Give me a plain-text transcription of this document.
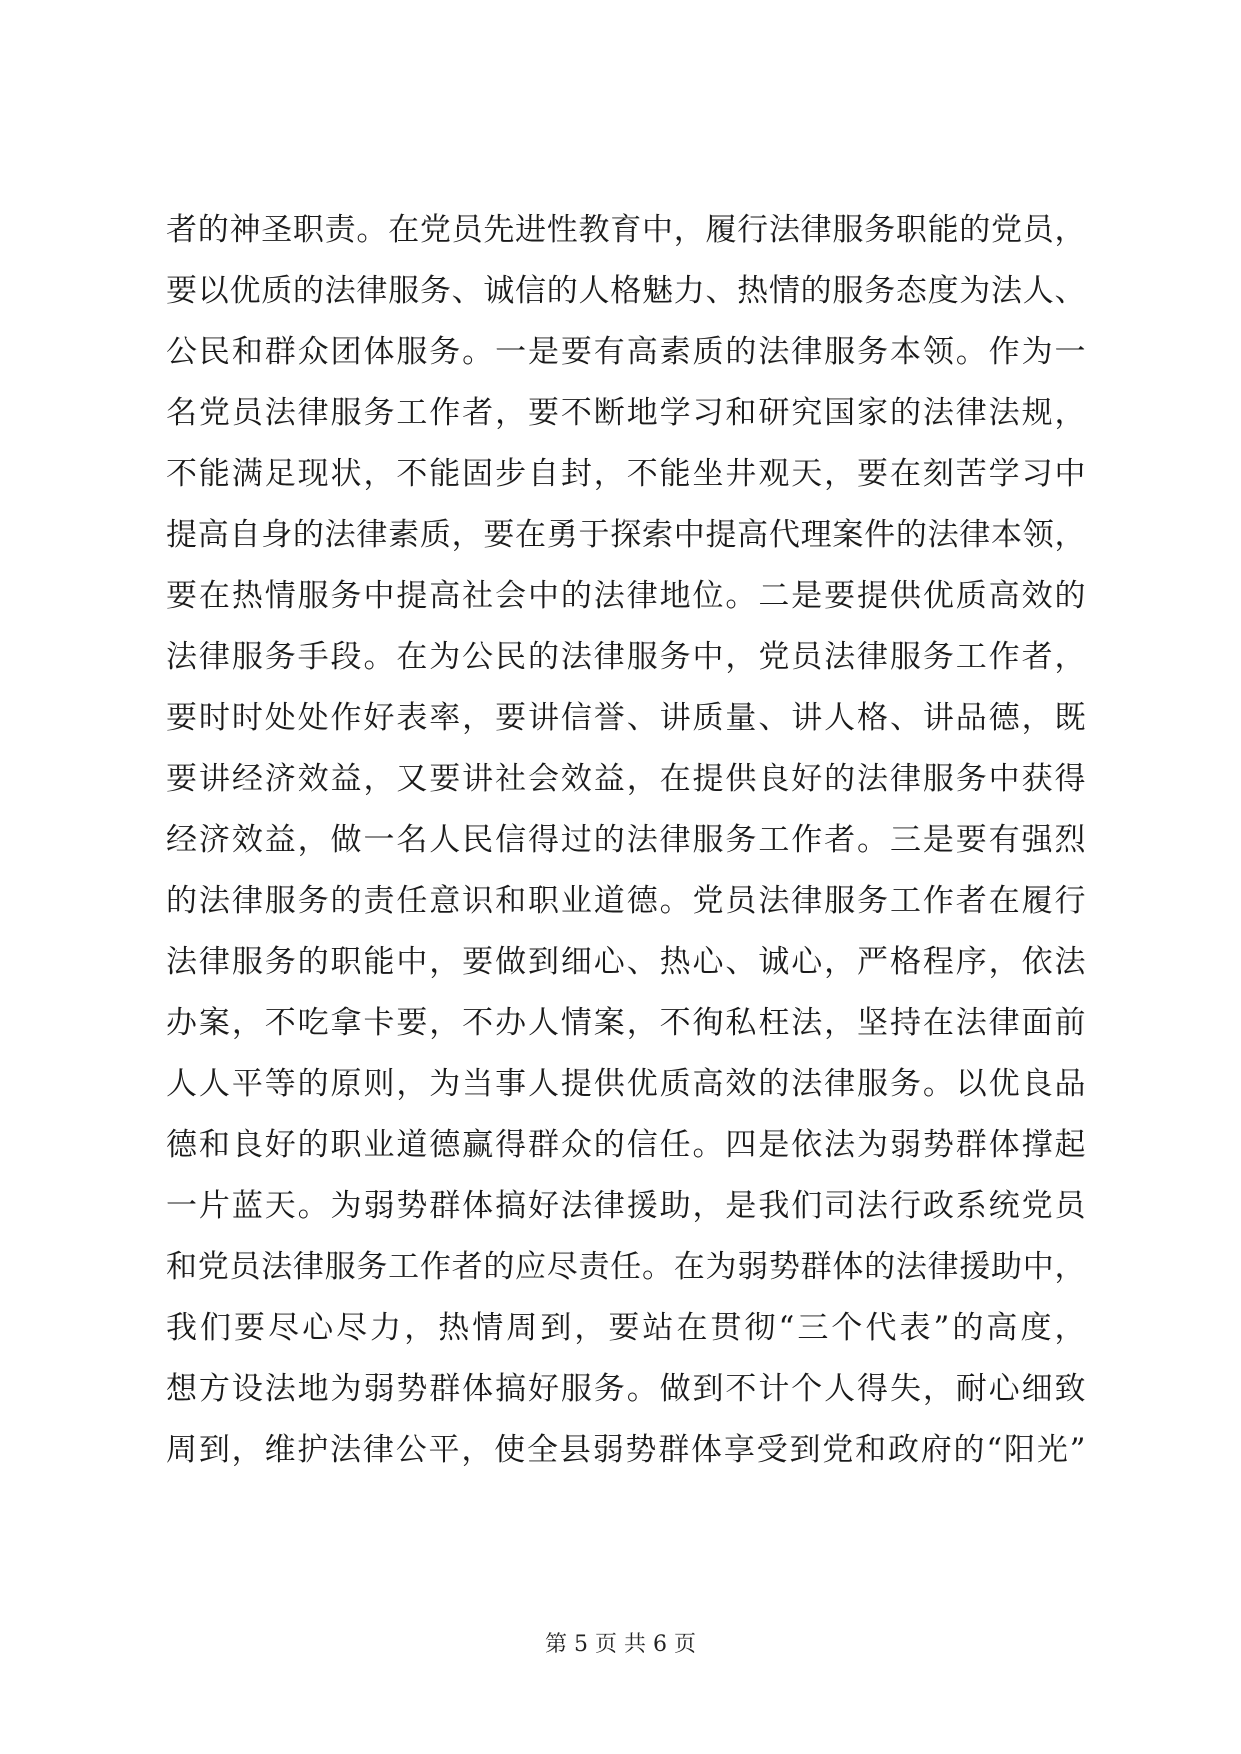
者的神圣职责。在党员先进性教育中，履行法律服务职能的党员，
要以优质的法律服务、诚信的人格魅力、热情的服务态度为法人、
公民和群众团体服务。一是要有高素质的法律服务本领。作为一
名党员法律服务工作者，要不断地学习和研究国家的法律法规，
不能满足现状，不能固步自封，不能坐井观天，要在刻苦学习中
提高自身的法律素质，要在勇于探索中提高代理案件的法律本领，
要在热情服务中提高社会中的法律地位。二是要提供优质高效的
法律服务手段。在为公民的法律服务中，党员法律服务工作者，
要时时处处作好表率，要讲信誉、讲质量、讲人格、讲品德，既
要讲经济效益，又要讲社会效益，在提供良好的法律服务中获得
经济效益，做一名人民信得过的法律服务工作者。三是要有强烈
的法律服务的责任意识和职业道德。党员法律服务工作者在履行
法律服务的职能中，要做到细心、热心、诚心，严格程序，依法
办案，不吃拿卡要，不办人情案，不徇私枉法，坚持在法律面前
人人平等的原则，为当事人提供优质高效的法律服务。以优良品
德和良好的职业道德赢得群众的信任。四是依法为弱势群体撑起
一片蓝天。为弱势群体搞好法律援助，是我们司法行政系统党员
和党员法律服务工作者的应尽责任。在为弱势群体的法律援助中，
我们要尽心尽力，热情周到，要站在贯彻“三个代表”的高度，
想方设法地为弱势群体搞好服务。做到不计个人得失，耐心细致
周到，维护法律公平，使全县弱势群体享受到党和政府的“阳光”
第 5 页 共 6 页
